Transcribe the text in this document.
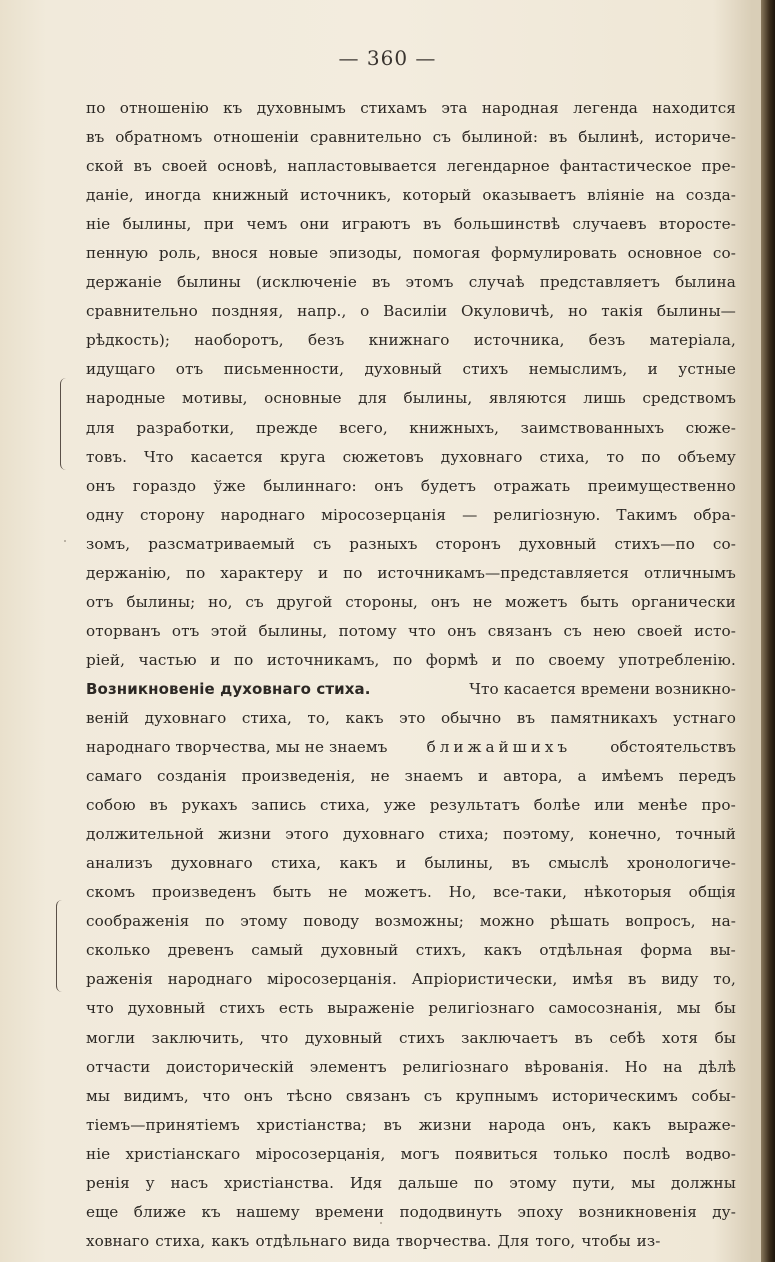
— 360 —
по отношенію къ духовнымъ стихамъ эта народная легенда находится
въ обратномъ отношеніи сравнительно съ былиной: въ былинѣ, историче-
ской въ своей основѣ, напластовывается легендарное фантастическое пре-
даніе, иногда книжный источникъ, который оказываетъ вліяніе на созда-
ніе былины, при чемъ они играютъ въ большинствѣ случаевъ второсте-
пенную роль, внося новые эпизоды, помогая формулировать основное со-
держаніе былины (исключеніе въ этомъ случаѣ представляетъ былина
сравнительно поздняя, напр., о Василіи Окуловичѣ, но такія былины—
рѣдкость); наоборотъ, безъ книжнаго источника, безъ матеріала,
идущаго отъ письменности, духовный стихъ немыслимъ, и устные
народные мотивы, основные для былины, являются лишь средствомъ
для разработки, прежде всего, книжныхъ, заимствованныхъ сюже-
товъ. Что касается круга сюжетовъ духовнаго стиха, то по объему
онъ гораздо ўже былиннаго: онъ будетъ отражать преимущественно
одну сторону народнаго міросозерцанія — религіозную. Такимъ обра-
зомъ, разсматриваемый съ разныхъ сторонъ духовный стихъ—по со-
держанію, по характеру и по источникамъ—представляется отличнымъ
отъ былины; но, съ другой стороны, онъ не можетъ быть органически
оторванъ отъ этой былины, потому что онъ связанъ съ нею своей исто-
ріей, частью и по источникамъ, по формѣ и по своему употребленію.
Возникновеніе духовнаго стиха.	Что касается времени возникно-
веній духовнаго стиха, то, какъ это обычно въ памятникахъ устнаго
народнаго творчества, мы не знаемъ	ближайшихъ	обстоятельствъ
самаго созданія произведенія, не знаемъ и автора, а имѣемъ передъ
собою въ рукахъ запись стиха, уже результатъ болѣе или менѣе про-
должительной жизни этого духовнаго стиха; поэтому, конечно, точный
анализъ духовнаго стиха, какъ и былины, въ смыслѣ хронологиче-
скомъ произведенъ быть не можетъ. Но, все-таки, нѣкоторыя общія
соображенія по этому поводу возможны; можно рѣшать вопросъ, на-
сколько древенъ самый духовный стихъ, какъ отдѣльная форма вы-
раженія народнаго міросозерцанія. Апріористически, имѣя въ виду то,
что духовный стихъ есть выраженіе религіознаго самосознанія, мы бы
могли заключить, что духовный стихъ заключаетъ въ себѣ хотя бы
отчасти доисторическій элементъ религіознаго вѣрованія. Но на дѣлѣ
мы видимъ, что онъ тѣсно связанъ съ крупнымъ историческимъ собы-
тіемъ—принятіемъ христіанства; въ жизни народа онъ, какъ выраже-
ніе христіанскаго міросозерцанія, могъ появиться только послѣ водво-
ренія у насъ христіанства. Идя дальше по этому пути, мы должны
еще ближе къ нашему времени пододвинуть эпоху возникновенія ду-
ховнаго стиха, какъ отдѣльнаго вида творчества. Для того, чтобы из-
